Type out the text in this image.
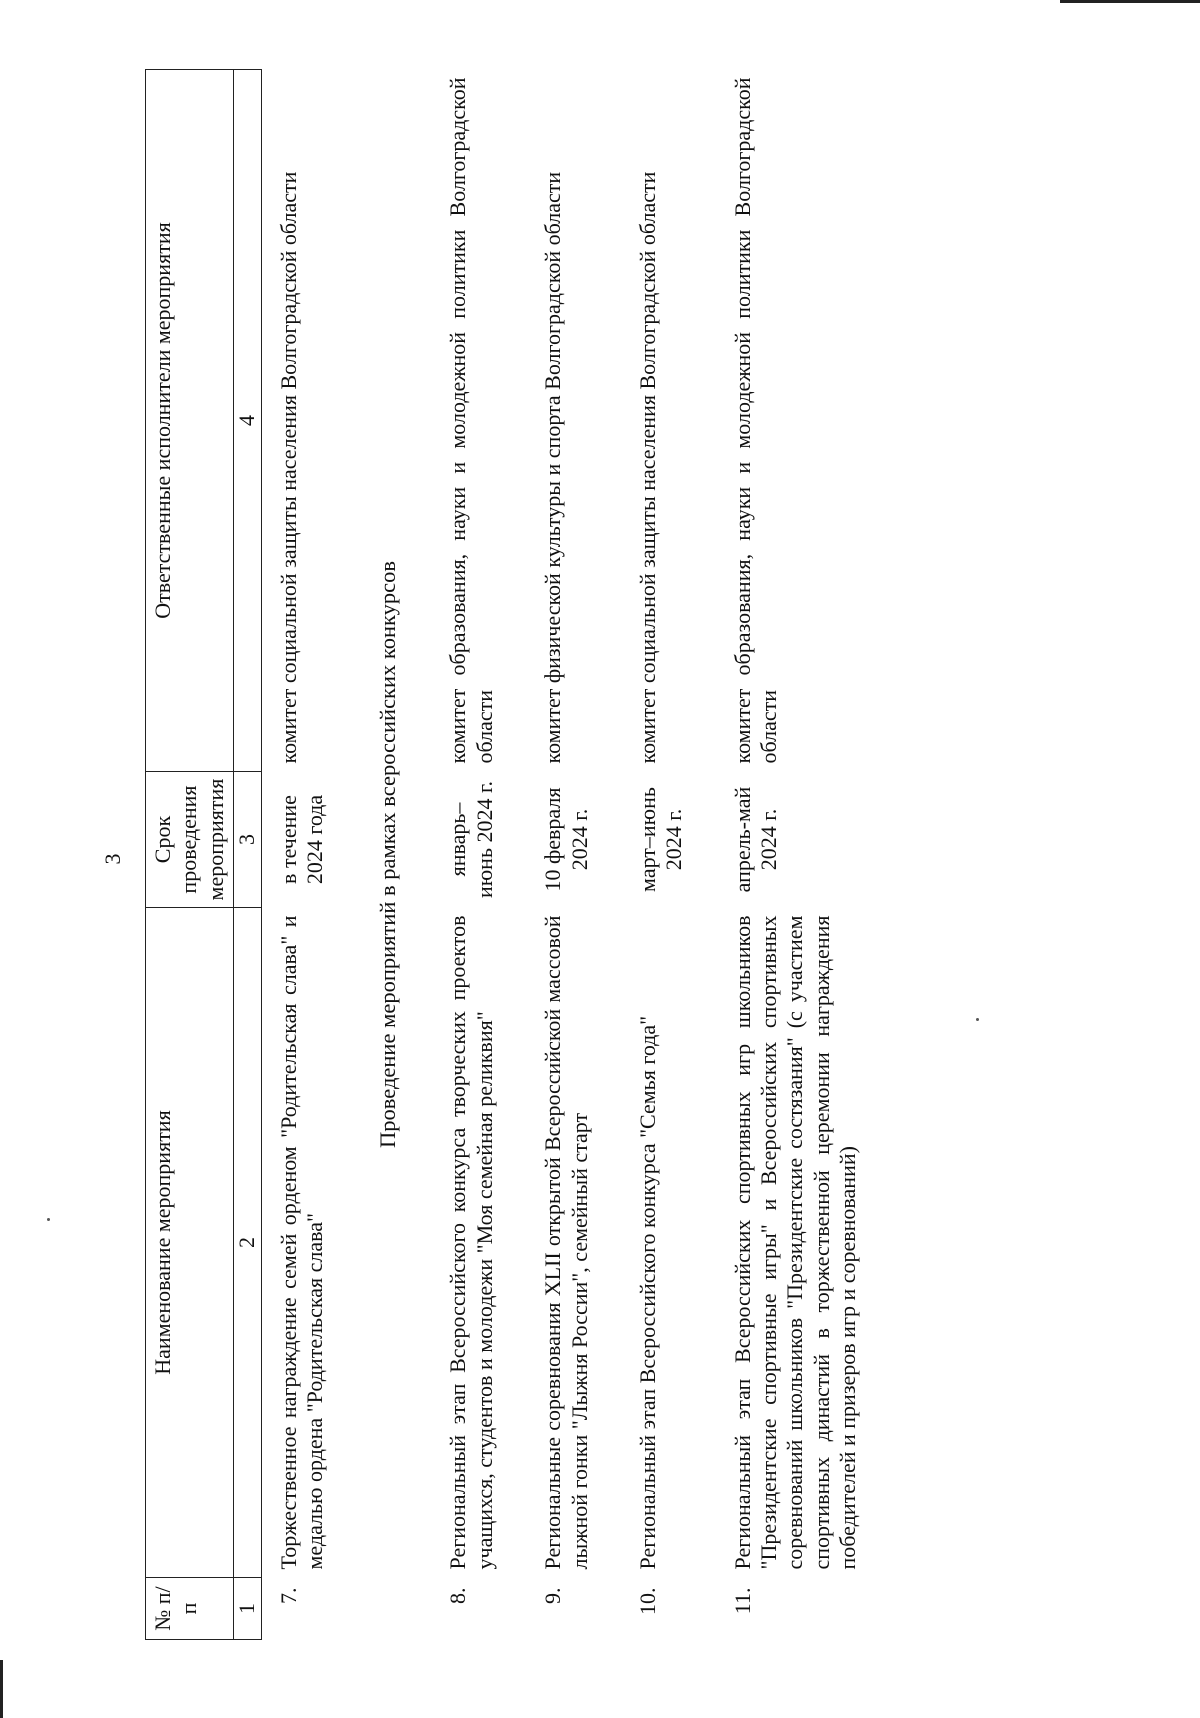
3
№ п/п	Наименование мероприятия	Срок проведения мероприятия	Ответственные исполнители мероприятия
1	2	3	4
7.	Торжественное награждение семей орденом "Родительская слава" и медалью ордена "Родительская слава"	в течение 2024 года	комитет социальной защиты населения Волгоградской области
Проведение мероприятий в рамках всероссийских конкурсов			
8.	Региональный этап Всероссийского конкурса творческих проектов учащихся, студентов и молодежи "Моя семейная реликвия"	январь–июнь 2024 г.	комитет образования, науки и молодежной политики Волгоградской области
9.	Региональные соревнования XLII открытой Всероссийской массовой лыжной гонки "Лыжня России", семейный старт	10 февраля 2024 г.	комитет физической культуры и спорта Волгоградской области
10.	Региональный этап Всероссийского конкурса "Семья года"	март–июнь 2024 г.	комитет социальной защиты населения Волгоградской области
11.	Региональный этап Всероссийских спортивных игр школьников "Президентские спортивные игры" и Всероссийских спортивных соревнований школьников "Президентские состязания" (с участием спортивных династий в торжественной церемонии награждения победителей и призеров игр и соревнований)	апрель-май 2024 г.	комитет образования, науки и молодежной политики Волгоградской области
